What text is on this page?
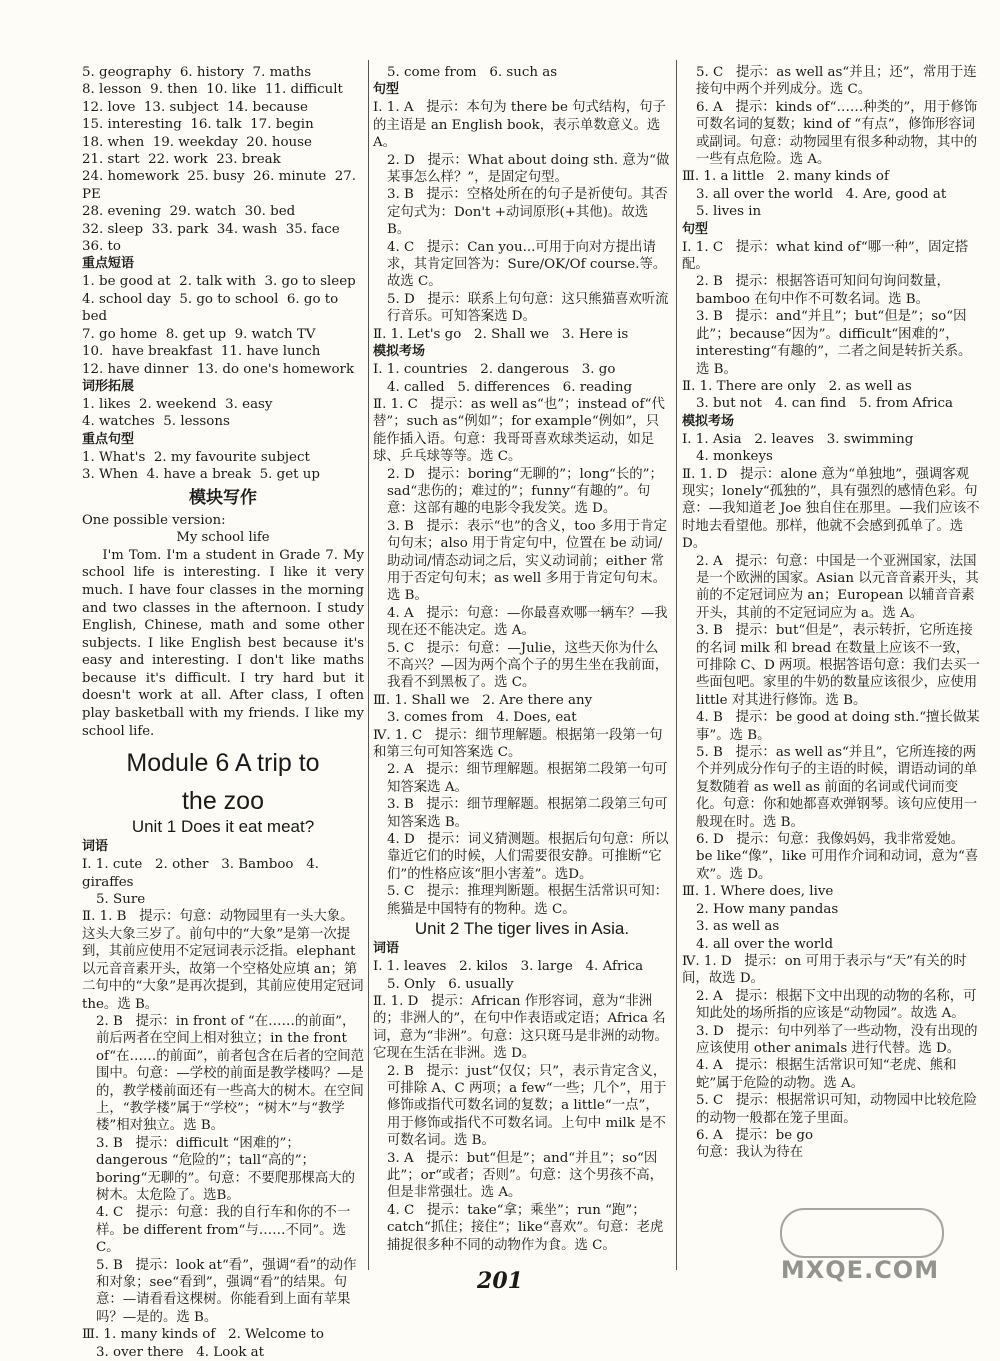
5. geography  6. history  7. maths
8. lesson  9. then  10. like  11. difficult
12. love  13. subject  14. because
15. interesting  16. talk  17. begin
18. when  19. weekday  20. house
21. start  22. work  23. break
24. homework  25. busy  26. minute  27. PE
28. evening  29. watch  30. bed
32. sleep  33. park  34. wash  35. face
36. to
重点短语
1. be good at  2. talk with  3. go to sleep
4. school day  5. go to school  6. go to bed
7. go home  8. get up  9. watch TV
10.  have breakfast  11. have lunch
12. have dinner  13. do one's homework
词形拓展
1. likes  2. weekend  3. easy
4. watches  5. lessons
重点句型
1. What's  2. my favourite subject
3. When  4. have a break  5. get up
模块写作
One possible version:
My school life
I'm Tom. I'm a student in Grade 7. My school life is interesting. I like it very much. I have four classes in the morning and two classes in the afternoon. I study English, Chinese, math and some other subjects. I like English best because it's easy and interesting. I don't like maths because it's difficult. I try hard but it doesn't work at all. After class, I often play basketball with my friends. I like my school life.
Module 6 A trip to
the zoo
Unit 1 Does it eat meat?
词语
Ⅰ. 1. cute   2. other   3. Bamboo   4. giraffes
5. Sure
Ⅱ. 1. B   提示：句意：动物园里有一头大象。这头大象三岁了。前句中的“大象”是第一次提到，其前应使用不定冠词表示泛指。elephant 以元音音素开头，故第一个空格处应填 an；第二句中的“大象”是再次提到，其前应使用定冠词 the。选 B。
2. B   提示：in front of “在……的前面”，前后两者在空间上相对独立；in the front of“在……的前面”，前者包含在后者的空间范围中。句意：—学校的前面是教学楼吗？—是的，教学楼前面还有一些高大的树木。在空间上，“教学楼”属于“学校”；“树木”与“教学楼”相对独立。选 B。
3. B   提示：difficult “困难的”；dangerous “危险的”；tall“高的”；boring“无聊的”。句意：不要爬那棵高大的树木。太危险了。选B。
4. C   提示：句意：我的自行车和你的不一样。be different from“与……不同”。选 C。
5. B   提示：look at“看”，强调“看”的动作和对象；see“看到”，强调“看”的结果。句意：—请看看这棵树。你能看到上面有苹果吗？—是的。选 B。
Ⅲ. 1. many kinds of   2. Welcome to
3. over there   4. Look at
5. come from   6. such as
句型
Ⅰ. 1. A   提示：本句为 there be 句式结构，句子的主语是 an English book，表示单数意义。选 A。
2. D   提示：What about doing sth. 意为“做某事怎么样？”，是固定句型。
3. B   提示：空格处所在的句子是祈使句。其否定句式为：Don't +动词原形(+其他)。故选 B。
4. C   提示：Can you...可用于向对方提出请求，其肯定回答为：Sure/OK/Of course.等。故选 C。
5. D   提示：联系上句句意：这只熊猫喜欢听流行音乐。可知答案选 D。
Ⅱ. 1. Let's go   2. Shall we   3. Here is
模拟考场
Ⅰ. 1. countries   2. dangerous   3. go
4. called   5. differences   6. reading
Ⅱ. 1. C   提示：as well as“也”；instead of“代替”；such as“例如”；for example“例如”，只能作插入语。句意：我哥哥喜欢球类运动，如足球、乒乓球等等。选 C。
2. D   提示：boring“无聊的”；long“长的”；sad“悲伤的；难过的”；funny“有趣的”。句意：这部有趣的电影令我发笑。选 D。
3. B   提示：表示“也”的含义，too 多用于肯定句句末；also 用于肯定句中，位置在 be 动词/助动词/情态动词之后，实义动词前；either 常用于否定句句末；as well 多用于肯定句句末。选 B。
4. A   提示：句意：—你最喜欢哪一辆车？—我现在还不能决定。选 A。
5. C   提示：句意：—Julie，这些天你为什么不高兴？—因为两个高个子的男生坐在我前面，我看不到黑板了。选 C。
Ⅲ. 1. Shall we   2. Are there any
3. comes from   4. Does, eat
Ⅳ. 1. C   提示：细节理解题。根据第一段第一句和第三句可知答案选 C。
2. A   提示：细节理解题。根据第二段第一句可知答案选 A。
3. B   提示：细节理解题。根据第二段第三句可知答案选 B。
4. D   提示：词义猜测题。根据后句句意：所以靠近它们的时候，人们需要很安静。可推断“它们”的性格应该“胆小害羞”。选D。
5. C   提示：推理判断题。根据生活常识可知：熊猫是中国特有的物种。选 C。
Unit 2 The tiger lives in Asia.
词语
Ⅰ. 1. leaves   2. kilos   3. large   4. Africa
5. Only   6. usually
Ⅱ. 1. D   提示：African 作形容词，意为“非洲的；非洲人的”，在句中作表语或定语；Africa 名词，意为“非洲”。句意：这只斑马是非洲的动物。它现在生活在非洲。选 D。
2. B   提示：just“仅仅；只”，表示肯定含义，可排除 A、C 两项；a few“一些；几个”，用于修饰或指代可数名词的复数；a little“一点”，用于修饰或指代不可数名词。上句中 milk 是不可数名词。选 B。
3. A   提示：but“但是”；and“并且”；so“因此”；or“或者；否则”。句意：这个男孩不高，但是非常强壮。选 A。
4. C   提示：take“拿；乘坐”；run “跑”；catch“抓住；接住”；like“喜欢”。句意：老虎捕捉很多种不同的动物作为食。选 C。
5. C   提示：as well as“并且；还”，常用于连接句中两个并列成分。选 C。
6. A   提示：kinds of“……种类的”，用于修饰可数名词的复数；kind of “有点”，修饰形容词或副词。句意：动物园里有很多种动物，其中的一些有点危险。选 A。
Ⅲ. 1. a little   2. many kinds of
3. all over the world   4. Are, good at
5. lives in
句型
Ⅰ. 1. C   提示：what kind of“哪一种”，固定搭配。
2. B   提示：根据答语可知问句询问数量，bamboo 在句中作不可数名词。选 B。
3. B   提示：and“并且”；but“但是”；so“因此”；because“因为”。difficult“困难的”，interesting“有趣的”，二者之间是转折关系。选 B。
Ⅱ. 1. There are only   2. as well as
3. but not   4. can find   5. from Africa
模拟考场
Ⅰ. 1. Asia   2. leaves   3. swimming
4. monkeys
Ⅱ. 1. D   提示：alone 意为“单独地”，强调客观现实；lonely“孤独的”，具有强烈的感情色彩。句意：—我知道老 Joe 独自住在那里。—我们应该不时地去看望他。那样，他就不会感到孤单了。选 D。
2. A   提示：句意：中国是一个亚洲国家，法国是一个欧洲的国家。Asian 以元音音素开头，其前的不定冠词应为 an；European 以辅音音素开头，其前的不定冠词应为 a。选 A。
3. B   提示：but“但是”，表示转折，它所连接的名词 milk 和 bread 在数量上应该不一致，可排除 C、D 两项。根据答语句意：我们去买一些面包吧。家里的牛奶的数量应该很少，应使用 little 对其进行修饰。选 B。
4. B   提示：be good at doing sth.“擅长做某事”。选 B。
5. B   提示：as well as“并且”，它所连接的两个并列成分作句子的主语的时候，谓语动词的单复数随着 as well as 前面的名词或代词而变化。句意：你和她都喜欢弹钢琴。该句应使用一般现在时。选 B。
6. D   提示：句意：我像妈妈，我非常爱她。be like“像”，like 可用作介词和动词，意为“喜欢”。选 D。
Ⅲ. 1. Where does, live
2. How many pandas
3. as well as
4. all over the world
Ⅳ. 1. D   提示：on 可用于表示与“天”有关的时间，故选 D。
2. A   提示：根据下文中出现的动物的名称，可知此处的场所指的应该是“动物园”。故选 A。
3. D   提示：句中列举了一些动物，没有出现的应该使用 other animals 进行代替。选 D。
4. A   提示：根据生活常识可知“老虎、熊和蛇”属于危险的动物。选 A。
5. C   提示：根据常识可知，动物园中比较危险的动物一般都在笼子里面。
6. A   提示：be go
句意：我认为待在
201	MXQE.COM
